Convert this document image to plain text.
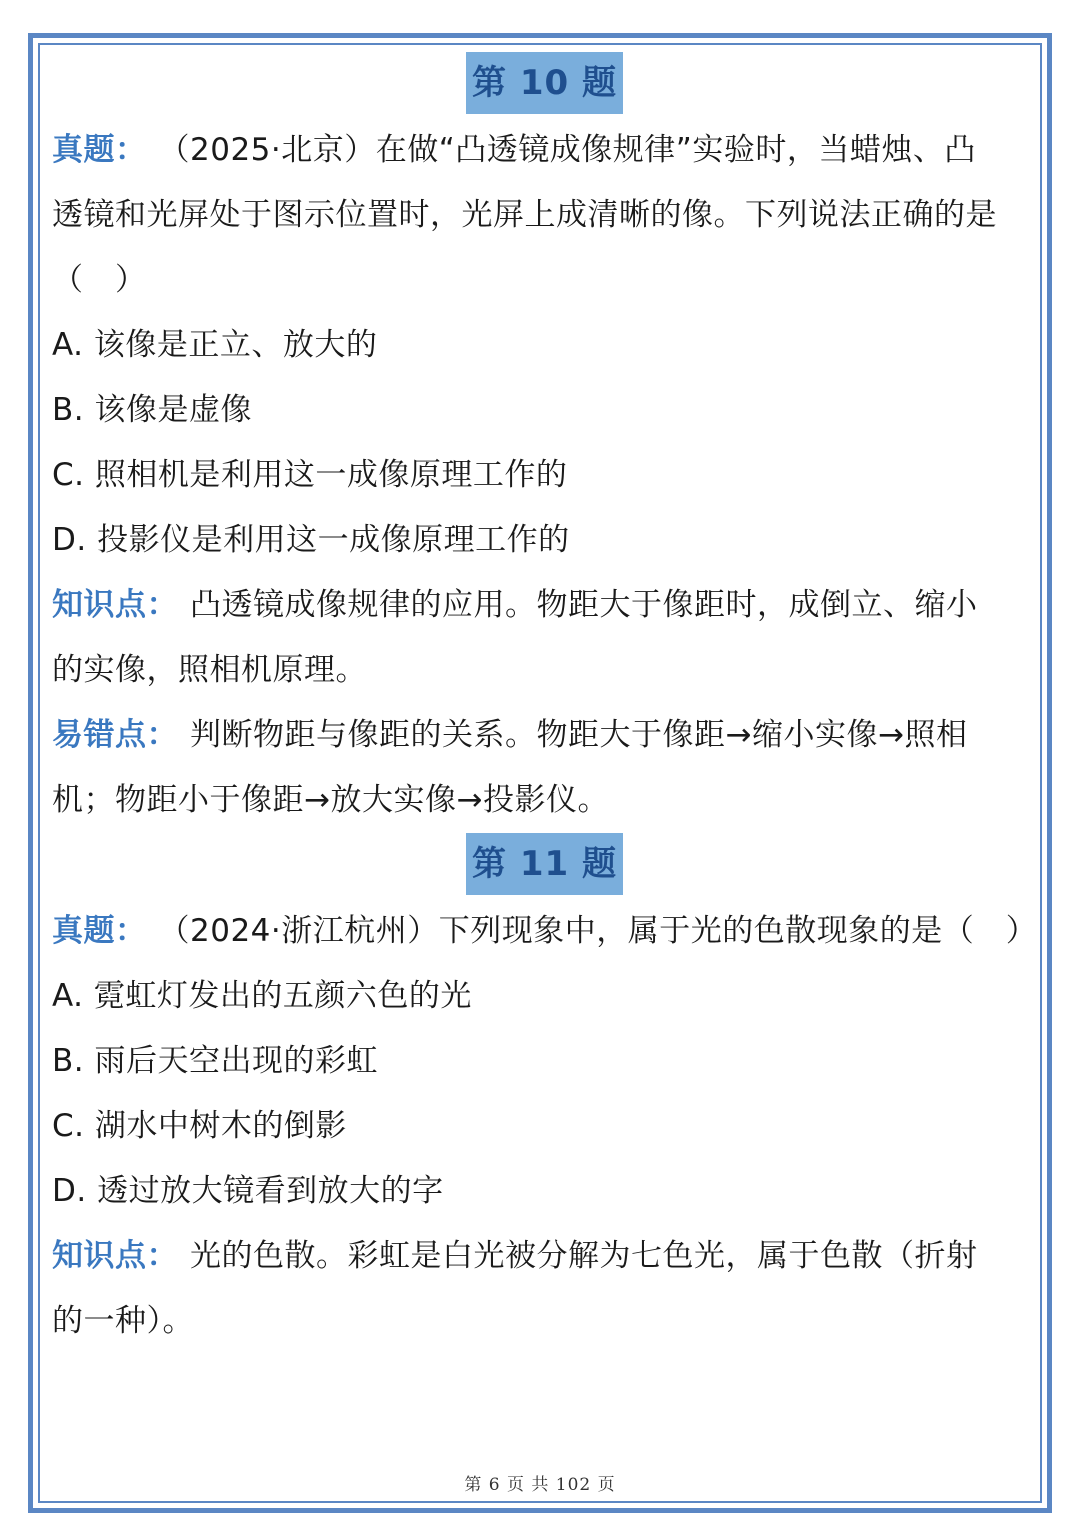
第 10 题
真题： （2025·北京）在做“凸透镜成像规律”实验时，当蜡烛、凸
透镜和光屏处于图示位置时，光屏上成清晰的像。下列说法正确的是
（　）
A. 该像是正立、放大的
B. 该像是虚像
C. 照相机是利用这一成像原理工作的
D. 投影仪是利用这一成像原理工作的
知识点： 凸透镜成像规律的应用。物距大于像距时，成倒立、缩小
的实像，照相机原理。
易错点： 判断物距与像距的关系。物距大于像距→缩小实像→照相
机；物距小于像距→放大实像→投影仪。
第 11 题
真题： （2024·浙江杭州）下列现象中，属于光的色散现象的是（　）
A. 霓虹灯发出的五颜六色的光
B. 雨后天空出现的彩虹
C. 湖水中树木的倒影
D. 透过放大镜看到放大的字
知识点： 光的色散。彩虹是白光被分解为七色光，属于色散（折射
的一种）。
第 6 页 共 102 页
